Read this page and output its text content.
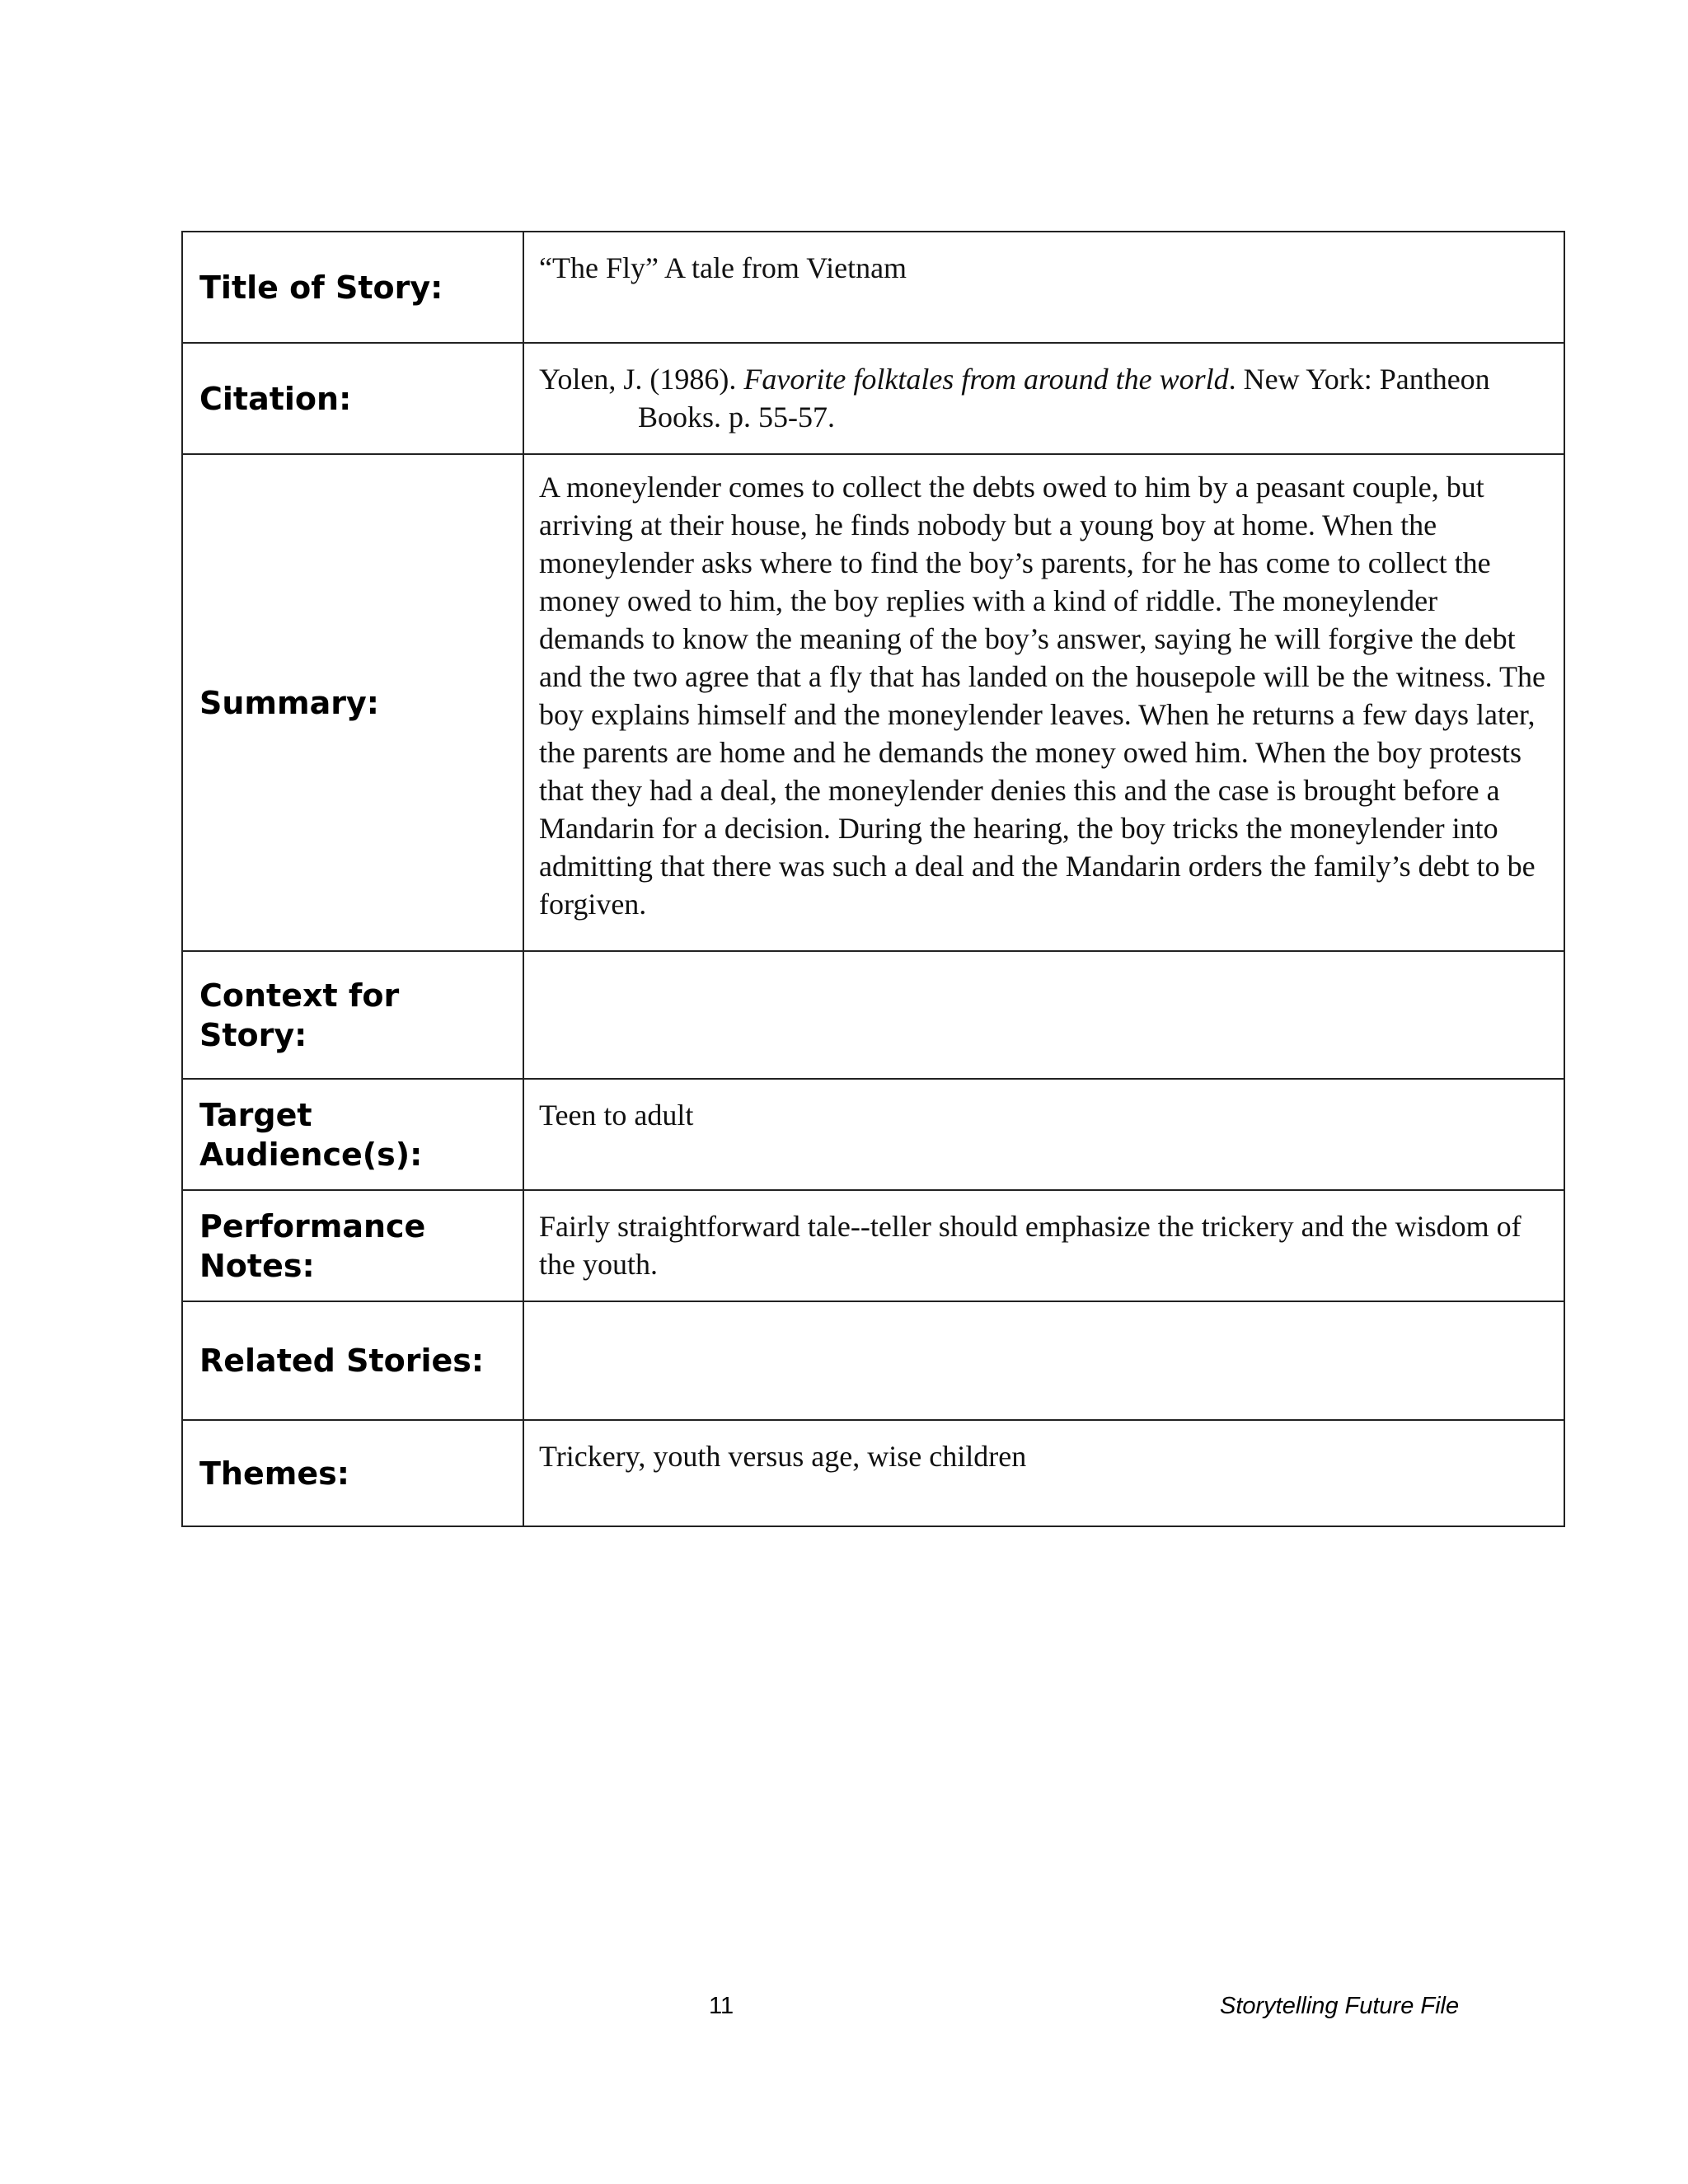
Title of Story:	“The Fly” A tale from Vietnam
Citation:	Yolen, J. (1986). Favorite folktales from around the world. New York: Pantheon Books. p. 55-57.

Summary:	A moneylender comes to collect the debts owed to him by a peasant couple, but arriving at their house, he finds nobody but a young boy at home. When the moneylender asks where to find the boy’s parents, for he has come to collect the money owed to him, the boy replies with a kind of riddle. The moneylender demands to know the meaning of the boy’s answer, saying he will forgive the debt and the two agree that a fly that has landed on the housepole will be the witness. The boy explains himself and the moneylender leaves. When he returns a few days later, the parents are home and he demands the money owed him. When the boy protests that they had a deal, the moneylender denies this and the case is brought before a Mandarin for a decision. During the hearing, the boy tricks the moneylender into admitting that there was such a deal and the Mandarin orders the family’s debt to be forgiven.
Context for Story:	
Target Audience(s):	Teen to adult
Performance Notes:	Fairly straightforward tale--teller should emphasize the trickery and the wisdom of the youth.
Related Stories:	
Themes:	Trickery, youth versus age, wise children
11	Storytelling Future File
